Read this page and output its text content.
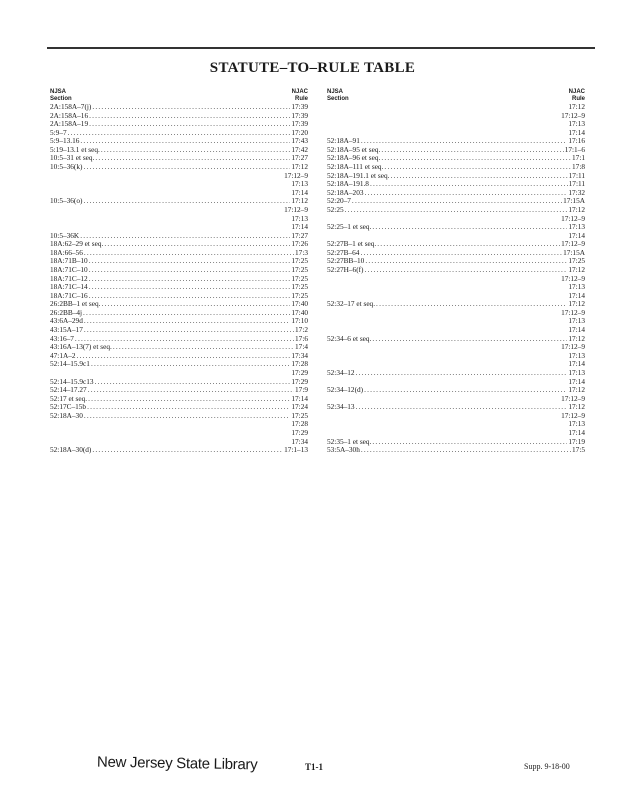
STATUTE–TO–RULE TABLE
NJSA
Section
NJAC
Rule
2A:158A–7(j) .....	17:39
2A:158A–16 .....	17:39
2A:158A–19 .....	17:39
5:9–7 .....	17:20
5:9–13.16 .....	17:43
5:19–13.1 et seq. .....	17:42
10:5–31 et seq. .....	17:27
10:5–36(k) .....	17:12
17:12–9
17:13
17:14
10:5–36(o) .....	17:12
17:12–9
17:13
17:14
10:5–36K .....	17:27
18A:62–29 et seq. .....	17:26
18A:66–56 .....	17:3
18A:71B–10 .....	17:25
18A:71C–10 .....	17:25
18A:71C–12 .....	17:25
18A:71C–14 .....	17:25
18A:71C–16 .....	17:25
26:2BB–1 et seq. .....	17:40
26:2BB–4j .....	17:40
43:6A–29d .....	17:10
43:15A–17 .....	17:2
43:16–7 .....	17:6
43:16A–13(7) et seq. .....	17:4
47:1A–2 .....	17:34
52:14–15.9c1 .....	17:28
17:29
52:14–15.9c13 .....	17:29
52:14–17.27 .....	17:9
52:17 et seq. .....	17:14
52:17C–15b .....	17:24
52:18A–30 .....	17:25
17:28
17:29
17:34
52:18A–30(d) .....	17:1–13
NJSA
Section
NJAC
Rule
17:12
17:12–9
17:13
17:14
52:18A–91 .....	17:16
52:18A–95 et seq. .....	17:1–6
52:18A–96 et seq. .....	17:1
52:18A–111 et seq. .....	17:8
52:18A–191.1 et seq. .....	17:11
52:18A–191.8 .....	17:11
52:18A–203 .....	17:32
52:20–7 .....	17:15A
52:25 .....	17:12
17:12–9
52:25–1 et seq. .....	17:13
17:14
52:27B–1 et seq. .....	17:12–9
52:27B–64 .....	17:15A
52:27BB–10 .....	17:25
52:27H–6(f) .....	17:12
17:12–9
17:13
17:14
52:32–17 et seq. .....	17:12
17:12–9
17:13
17:14
52:34–6 et seq. .....	17:12
17:12–9
17:13
17:14
52:34–12 .....	17:13
17:14
52:34–12(d) .....	17:12
17:12–9
52:34–13 .....	17:12
17:12–9
17:13
17:14
52:35–1 et seq. .....	17:19
53:5A–30h .....	17:5
New Jersey State Library	T1-1	Supp. 9-18-00
